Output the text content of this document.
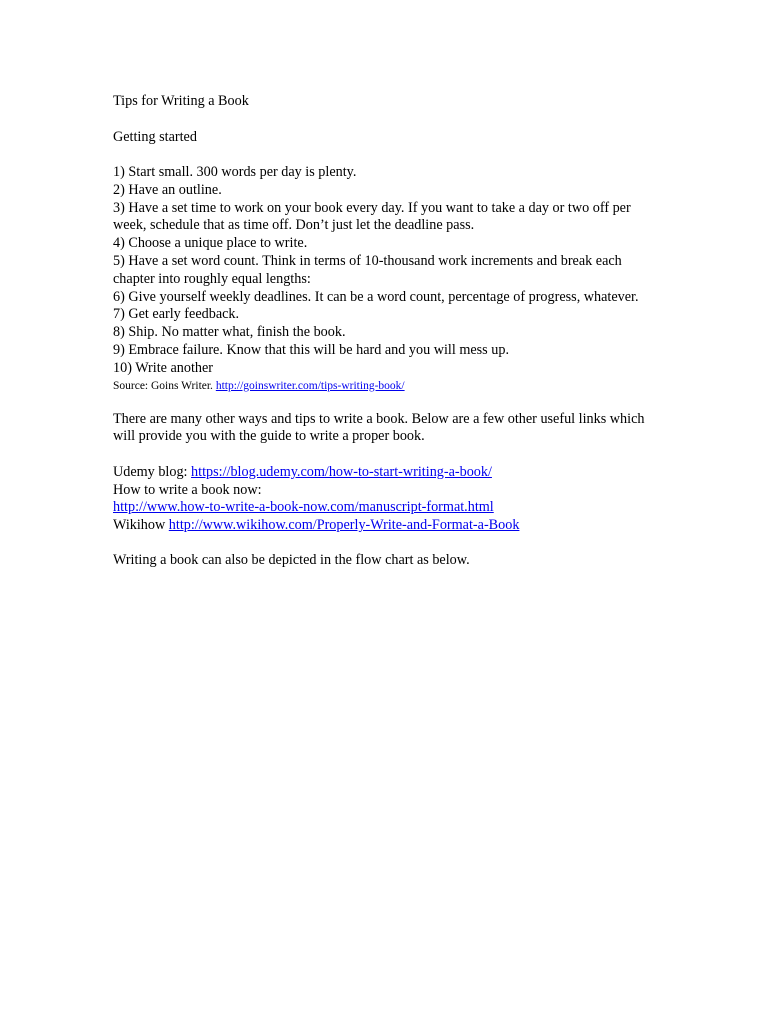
Tips for Writing a Book

Getting started

1) Start small. 300 words per day is plenty.
2) Have an outline.
3) Have a set time to work on your book every day. If you want to take a day or two off per week, schedule that as time off. Don’t just let the deadline pass.
4) Choose a unique place to write.
5) Have a set word count. Think in terms of 10-thousand work increments and break each chapter into roughly equal lengths:
6) Give yourself weekly deadlines. It can be a word count, percentage of progress, whatever.
7) Get early feedback.
8) Ship. No matter what, finish the book.
9) Embrace failure. Know that this will be hard and you will mess up.
10) Write another

Source: Goins Writer. http://goinswriter.com/tips-writing-book/

There are many other ways and tips to write a book. Below are a few other useful links which will provide you with the guide to write a proper book.

Udemy blog: https://blog.udemy.com/how-to-start-writing-a-book/
How to write a book now:
http://www.how-to-write-a-book-now.com/manuscript-format.html
Wikihow http://www.wikihow.com/Properly-Write-and-Format-a-Book

Writing a book can also be depicted in the flow chart as below.
